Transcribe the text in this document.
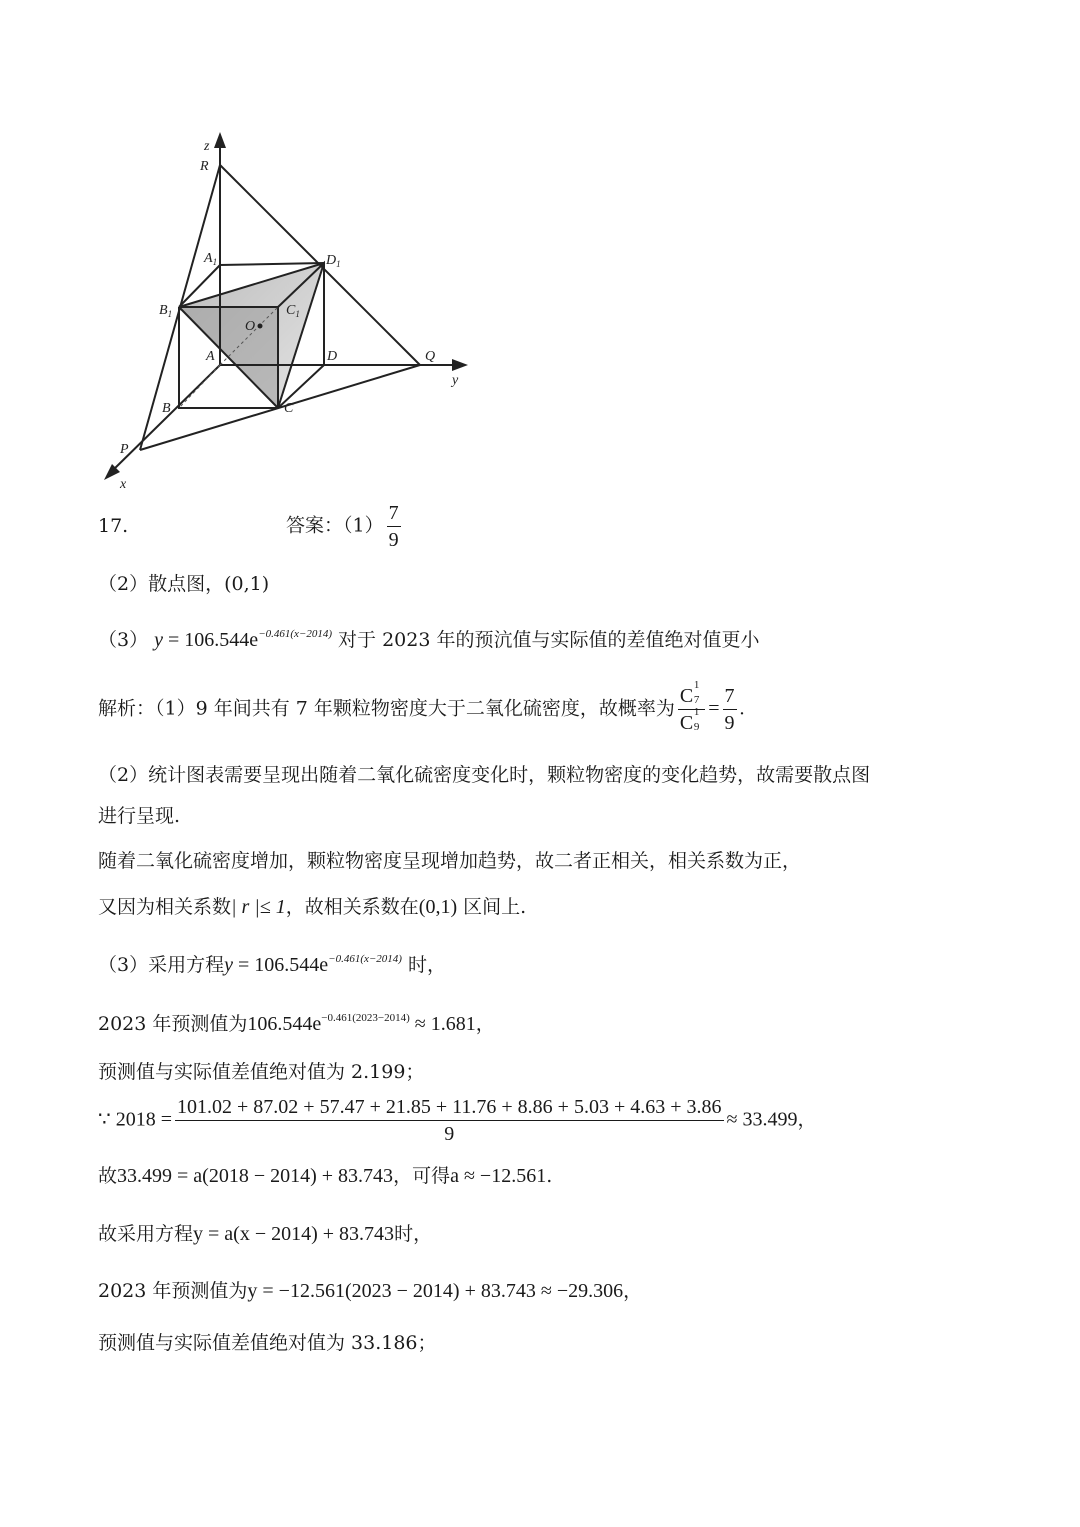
z
R
$A_1$	$D_1$
$B_1$	$C_1$
O
A	D	Q
y
B	C
P
x
17.	答案：$(1) \frac{7}{9}$
（2）散点图，(0,1)
（3） $y = 106.544e^{-0.461(x-2014)}$ 对于 2023 年的预沆值与实际值的差值绝对值更小
解析：（1）9 年间共有 7 年颗粒物密度大于二氧化硫密度，故概率为 C 1
7

C 1
9
= $\frac{7}{9}$ .
（2）统计图表需要呈现出随着二氧化硫密度变化时，颗粒物密度的变化趋势，故需要散点图
进行呈现.
随着二氧化硫密度增加，颗粒物密度呈现增加趋势，故二者正相关，相关系数为正，
又因为相关系数| r |≤ 1，故相关系数在(0,1) 区间上.
（3）采用方程$y = 106.544e^{-0.461(x-2014)}$ 时，
2023 年预测值为$106.544e^{-0.461(2023-2014)} \approx 1.681$，
预测值与实际值差值绝对值为 2.199；
∵ 2018 =
101.02 + 87.02 + 57.47 + 21.85 + 11.76 + 8.86 + 5.03 + 4.63 + 3.86
9
≈ 33.499，
故33.499 = a(2018 − 2014) + 83.743，可得a ≈ −12.561.
故采用方程y = a(x − 2014) + 83.743时，
2023 年预测值为y = −12.561(2023 − 2014) + 83.743 ≈ −29.306，
预测值与实际值差值绝对值为 33.186；
